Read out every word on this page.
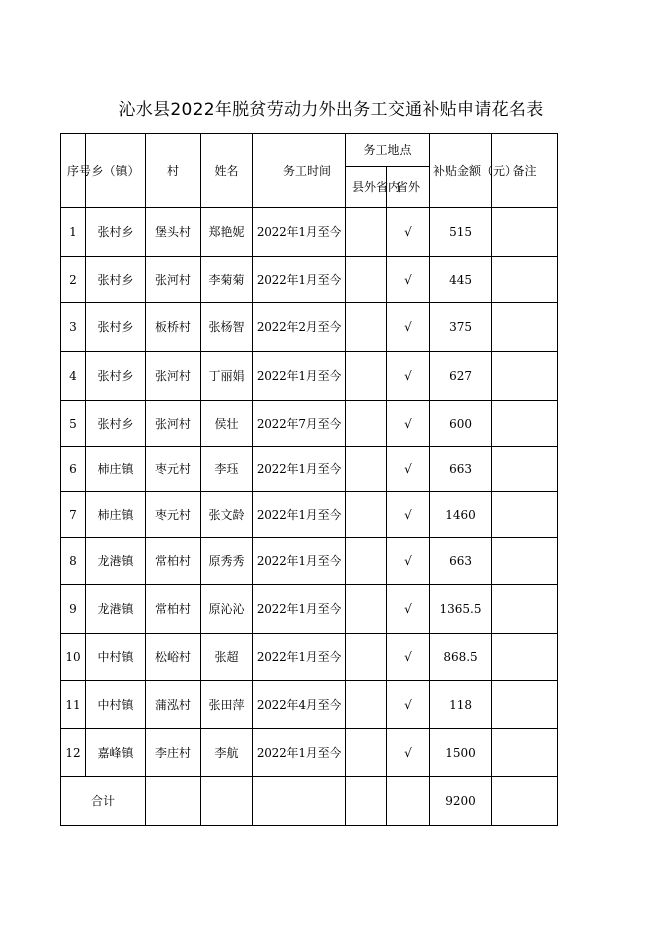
沁水县2022年脱贫劳动力外出务工交通补贴申请花名表
序号	乡（镇）	村	姓名	务工时间	务工地点		补贴金额（元）	备注
					县外省内	省外		
1	张村乡	堡头村	郑艳妮	2022年1月至今		√	515	
2	张村乡	张河村	李菊菊	2022年1月至今		√	445	
3	张村乡	板桥村	张杨智	2022年2月至今		√	375	
4	张村乡	张河村	丁丽娟	2022年1月至今		√	627	
5	张村乡	张河村	侯壮	2022年7月至今		√	600	
6	柿庄镇	枣元村	李珏	2022年1月至今		√	663	
7	柿庄镇	枣元村	张文龄	2022年1月至今		√	1460	
8	龙港镇	常柏村	原秀秀	2022年1月至今		√	663	
9	龙港镇	常柏村	原沁沁	2022年1月至今		√	1365.5	
10	中村镇	松峪村	张超	2022年1月至今		√	868.5	
11	中村镇	蒲泓村	张田萍	2022年4月至今		√	118	
12	嘉峰镇	李庄村	李航	2022年1月至今		√	1500	
合计							9200	
